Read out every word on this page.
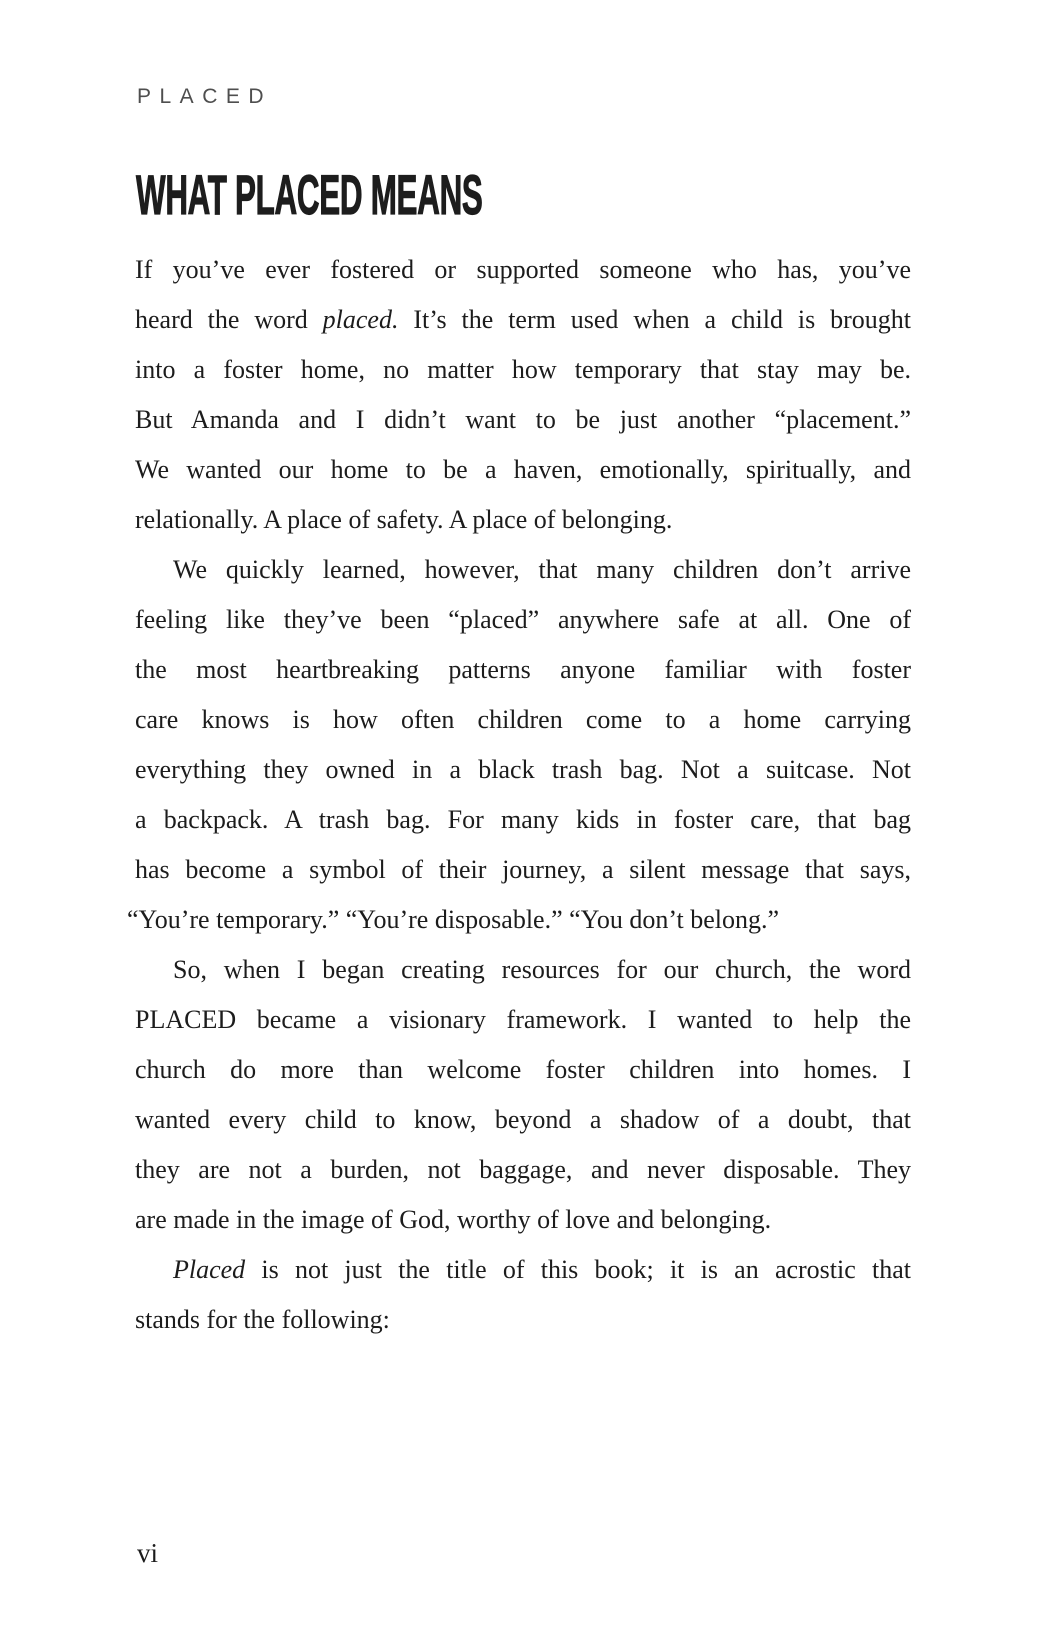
PLACED
WHAT PLACED MEANS
If you’ve ever fostered or supported someone who has, you’ve
heard the word placed. It’s the term used when a child is brought
into a foster home, no matter how temporary that stay may be.
But Amanda and I didn’t want to be just another “placement.”
We wanted our home to be a haven, emotionally, spiritually, and
relationally. A place of safety. A place of belonging.
We quickly learned, however, that many children don’t arrive
feeling like they’ve been “placed” anywhere safe at all. One of
the most heartbreaking patterns anyone familiar with foster
care knows is how often children come to a home carrying
everything they owned in a black trash bag. Not a suitcase. Not
a backpack. A trash bag. For many kids in foster care, that bag
has become a symbol of their journey, a silent message that says,
“You’re temporary.” “You’re disposable.” “You don’t belong.”
So, when I began creating resources for our church, the word
PLACED became a visionary framework. I wanted to help the
church do more than welcome foster children into homes. I
wanted every child to know, beyond a shadow of a doubt, that
they are not a burden, not baggage, and never disposable. They
are made in the image of God, worthy of love and belonging.
Placed is not just the title of this book; it is an acrostic that
stands for the following:
vi
